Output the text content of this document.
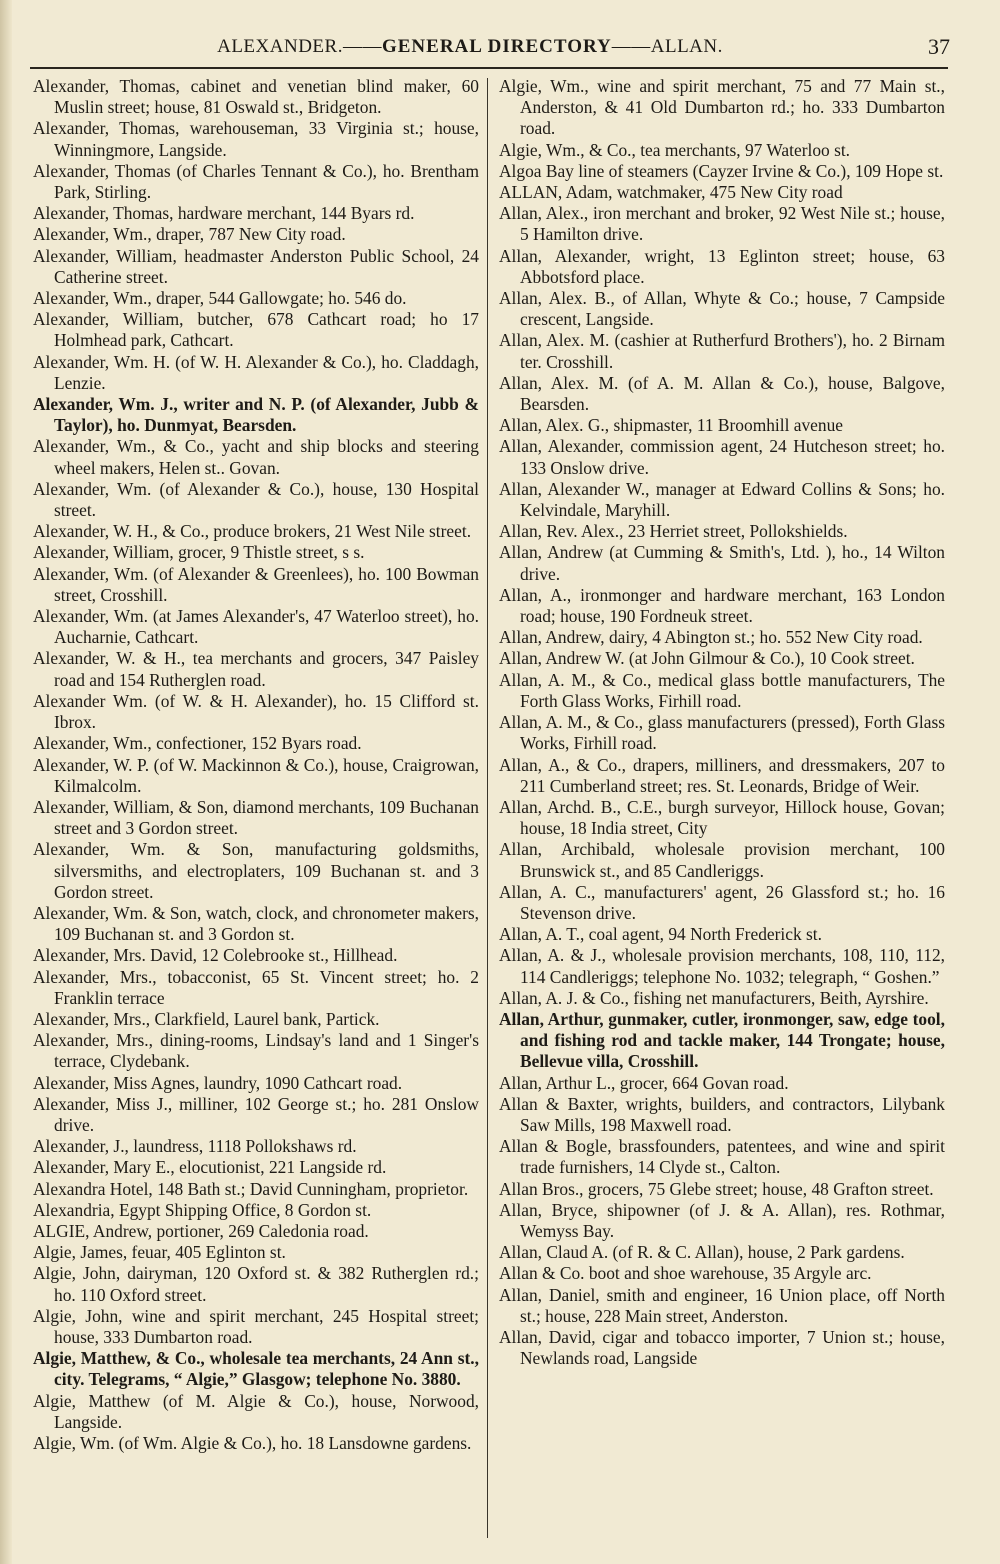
ALEXANDER.——GENERAL DIRECTORY——ALLAN.	37
Alexander, Thomas, cabinet and venetian blind maker, 60 Muslin street; house, 81 Oswald st., Bridgeton.
Alexander, Thomas, warehouseman, 33 Virginia st.; house, Winningmore, Langside.
Alexander, Thomas (of Charles Tennant & Co.), ho. Brentham Park, Stirling.
Alexander, Thomas, hardware merchant, 144 Byars rd.
Alexander, Wm., draper, 787 New City road.
Alexander, William, headmaster Anderston Public School, 24 Catherine street.
Alexander, Wm., draper, 544 Gallowgate; ho. 546 do.
Alexander, William, butcher, 678 Cathcart road; ho 17 Holmhead park, Cathcart.
Alexander, Wm. H. (of W. H. Alexander & Co.), ho. Claddagh, Lenzie.
Alexander, Wm. J., writer and N. P. (of Alexander, Jubb & Taylor), ho. Dunmyat, Bearsden.
Alexander, Wm., & Co., yacht and ship blocks and steering wheel makers, Helen st.. Govan.
Alexander, Wm. (of Alexander & Co.), house, 130 Hospital street.
Alexander, W. H., & Co., produce brokers, 21 West Nile street.
Alexander, William, grocer, 9 Thistle street, s s.
Alexander, Wm. (of Alexander & Greenlees), ho. 100 Bowman street, Crosshill.
Alexander, Wm. (at James Alexander's, 47 Waterloo street), ho. Aucharnie, Cathcart.
Alexander, W. & H., tea merchants and grocers, 347 Paisley road and 154 Rutherglen road.
Alexander Wm. (of W. & H. Alexander), ho. 15 Clifford st. Ibrox.
Alexander, Wm., confectioner, 152 Byars road.
Alexander, W. P. (of W. Mackinnon & Co.), house, Craigrowan, Kilmalcolm.
Alexander, William, & Son, diamond merchants, 109 Buchanan street and 3 Gordon street.
Alexander, Wm. & Son, manufacturing goldsmiths, silversmiths, and electroplaters, 109 Buchanan st. and 3 Gordon street.
Alexander, Wm. & Son, watch, clock, and chronometer makers, 109 Buchanan st. and 3 Gordon st.
Alexander, Mrs. David, 12 Colebrooke st., Hillhead.
Alexander, Mrs., tobacconist, 65 St. Vincent street; ho. 2 Franklin terrace
Alexander, Mrs., Clarkfield, Laurel bank, Partick.
Alexander, Mrs., dining-rooms, Lindsay's land and 1 Singer's terrace, Clydebank.
Alexander, Miss Agnes, laundry, 1090 Cathcart road.
Alexander, Miss J., milliner, 102 George st.; ho. 281 Onslow drive.
Alexander, J., laundress, 1118 Pollokshaws rd.
Alexander, Mary E., elocutionist, 221 Langside rd.
Alexandra Hotel, 148 Bath st.; David Cunningham, proprietor.
Alexandria, Egypt Shipping Office, 8 Gordon st.
ALGIE, Andrew, portioner, 269 Caledonia road.
Algie, James, feuar, 405 Eglinton st.
Algie, John, dairyman, 120 Oxford st. & 382 Rutherglen rd.; ho. 110 Oxford street.
Algie, John, wine and spirit merchant, 245 Hospital street; house, 333 Dumbarton road.
Algie, Matthew, & Co., wholesale tea merchants, 24 Ann st., city. Telegrams, “ Algie,” Glasgow; telephone No. 3880.
Algie, Matthew (of M. Algie & Co.), house, Norwood, Langside.
Algie, Wm. (of Wm. Algie & Co.), ho. 18 Lansdowne gardens.
Algie, Wm., wine and spirit merchant, 75 and 77 Main st., Anderston, & 41 Old Dumbarton rd.; ho. 333 Dumbarton road.
Algie, Wm., & Co., tea merchants, 97 Waterloo st.
Algoa Bay line of steamers (Cayzer Irvine & Co.), 109 Hope st.
ALLAN, Adam, watchmaker, 475 New City road
Allan, Alex., iron merchant and broker, 92 West Nile st.; house, 5 Hamilton drive.
Allan, Alexander, wright, 13 Eglinton street; house, 63 Abbotsford place.
Allan, Alex. B., of Allan, Whyte & Co.; house, 7 Campside crescent, Langside.
Allan, Alex. M. (cashier at Rutherfurd Brothers'), ho. 2 Birnam ter. Crosshill.
Allan, Alex. M. (of A. M. Allan & Co.), house, Balgove, Bearsden.
Allan, Alex. G., shipmaster, 11 Broomhill avenue
Allan, Alexander, commission agent, 24 Hutcheson street; ho. 133 Onslow drive.
Allan, Alexander W., manager at Edward Collins & Sons; ho. Kelvindale, Maryhill.
Allan, Rev. Alex., 23 Herriet street, Pollokshields.
Allan, Andrew (at Cumming & Smith's, Ltd. ), ho., 14 Wilton drive.
Allan, A., ironmonger and hardware merchant, 163 London road; house, 190 Fordneuk street.
Allan, Andrew, dairy, 4 Abington st.; ho. 552 New City road.
Allan, Andrew W. (at John Gilmour & Co.), 10 Cook street.
Allan, A. M., & Co., medical glass bottle manufacturers, The Forth Glass Works, Firhill road.
Allan, A. M., & Co., glass manufacturers (pressed), Forth Glass Works, Firhill road.
Allan, A., & Co., drapers, milliners, and dressmakers, 207 to 211 Cumberland street; res. St. Leonards, Bridge of Weir.
Allan, Archd. B., C.E., burgh surveyor, Hillock house, Govan; house, 18 India street, City
Allan, Archibald, wholesale provision merchant, 100 Brunswick st., and 85 Candleriggs.
Allan, A. C., manufacturers' agent, 26 Glassford st.; ho. 16 Stevenson drive.
Allan, A. T., coal agent, 94 North Frederick st.
Allan, A. & J., wholesale provision merchants, 108, 110, 112, 114 Candleriggs; telephone No. 1032; telegraph, “ Goshen.”
Allan, A. J. & Co., fishing net manufacturers, Beith, Ayrshire.
Allan, Arthur, gunmaker, cutler, ironmonger, saw, edge tool, and fishing rod and tackle maker, 144 Trongate; house, Bellevue villa, Crosshill.
Allan, Arthur L., grocer, 664 Govan road.
Allan & Baxter, wrights, builders, and contractors, Lilybank Saw Mills, 198 Maxwell road.
Allan & Bogle, brassfounders, patentees, and wine and spirit trade furnishers, 14 Clyde st., Calton.
Allan Bros., grocers, 75 Glebe street; house, 48 Grafton street.
Allan, Bryce, shipowner (of J. & A. Allan), res. Rothmar, Wemyss Bay.
Allan, Claud A. (of R. & C. Allan), house, 2 Park gardens.
Allan & Co. boot and shoe warehouse, 35 Argyle arc.
Allan, Daniel, smith and engineer, 16 Union place, off North st.; house, 228 Main street, Anderston.
Allan, David, cigar and tobacco importer, 7 Union st.; house, Newlands road, Langside
